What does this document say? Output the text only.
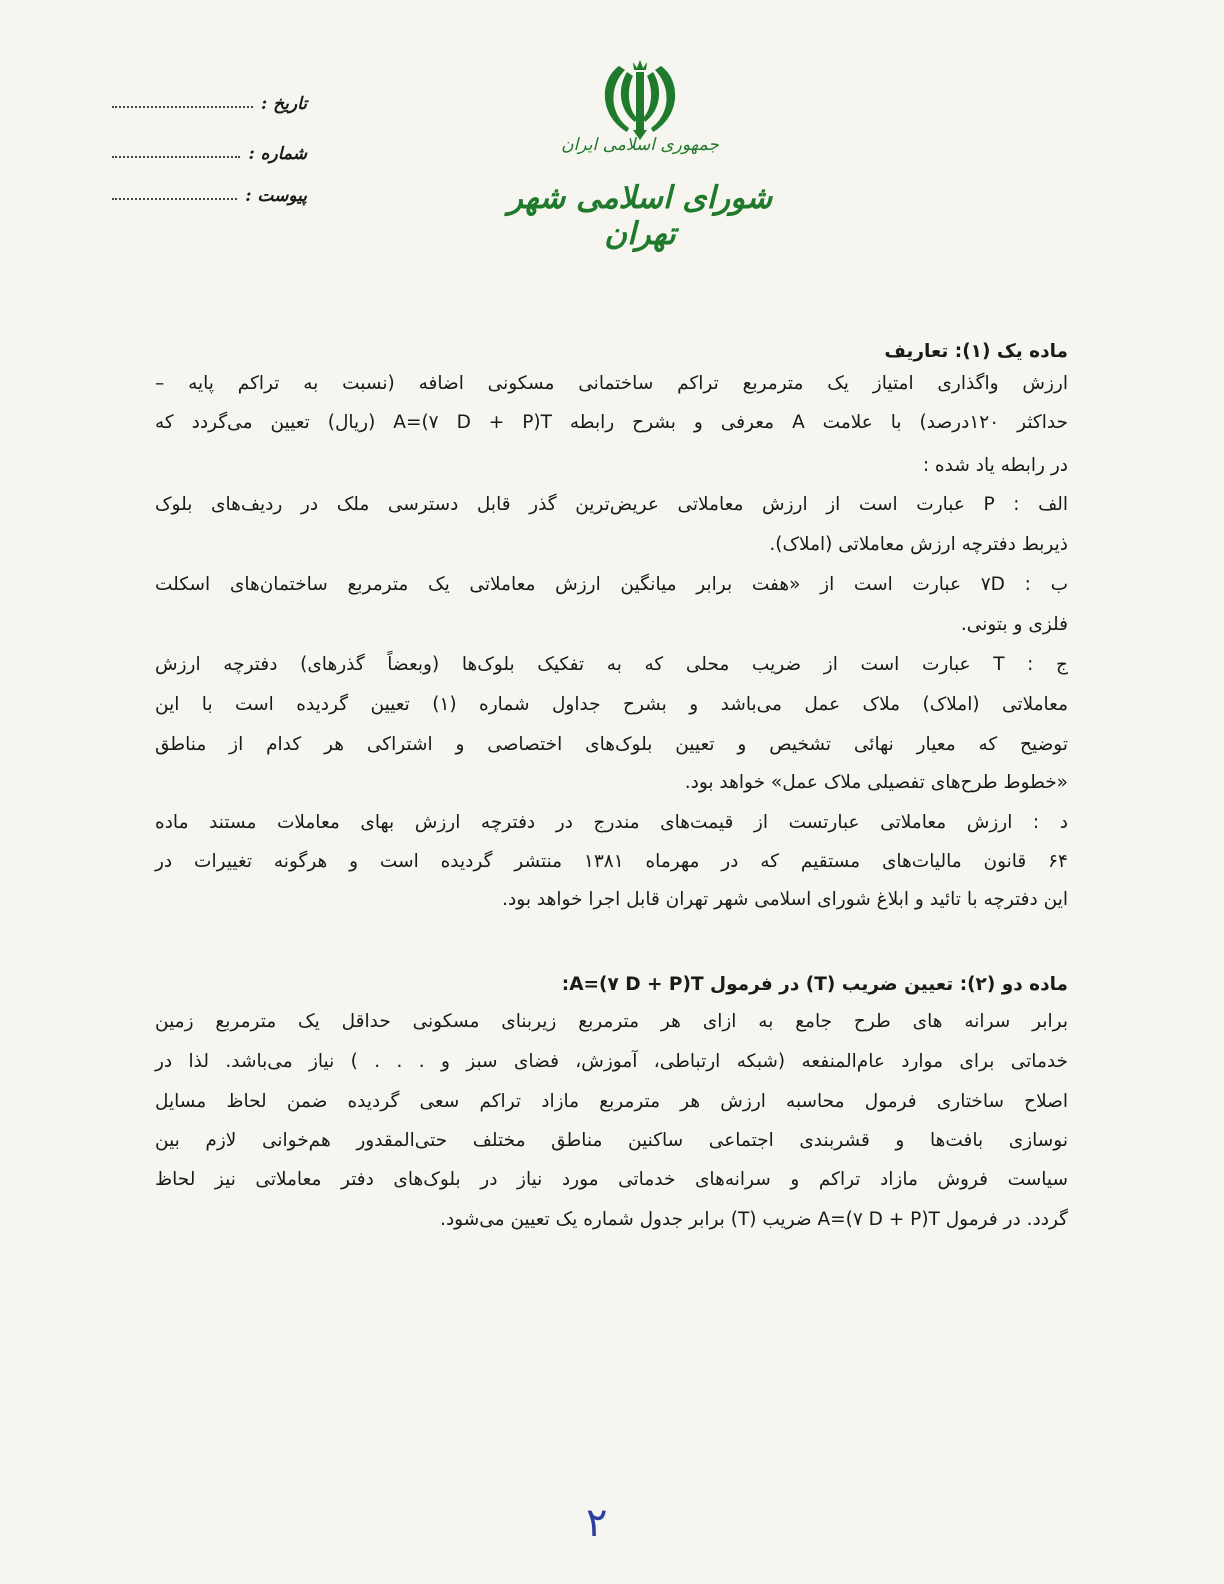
جمهوری اسلامی ایران
شورای اسلامی شهر تهران
تاریخ :
شماره :
پیوست :
ماده یک (۱): تعاریف
ارزش واگذاری امتیاز یک مترمربع تراکم ساختمانی مسکونی اضافه (نسبت به تراکم پایه –
حداکثر ۱۲۰درصد) با علامت A معرفی و بشرح رابطه A=(۷ D + P)T (ریال) تعیین می‌گردد که
در رابطه یاد شده :
الف : P عبارت است از ارزش معاملاتی عریض‌ترین گذر قابل دسترسی ملک در ردیف‌های بلوک
ذیربط دفترچه ارزش معاملاتی (املاک).
ب : ۷D عبارت است از «هفت برابر میانگین ارزش معاملاتی یک مترمربع ساختمان‌های اسکلت
فلزی و بتونی.
ج : T عبارت است از ضریب محلی که به تفکیک بلوک‌ها (وبعضاً گذرهای) دفترچه ارزش
معاملاتی (املاک) ملاک عمل می‌باشد و بشرح جداول شماره (۱) تعیین گردیده است با این
توضیح که معیار نهائی تشخیص و تعیین بلوک‌های اختصاصی و اشتراکی هر کدام از مناطق
«خطوط طرح‌های تفصیلی ملاک عمل» خواهد بود.
د : ارزش معاملاتی عبارتست از قیمت‌های مندرج در دفترچه ارزش بهای معاملات مستند ماده
۶۴ قانون مالیات‌های مستقیم که در مهرماه ۱۳۸۱ منتشر گردیده است و هرگونه تغییرات در
این دفترچه با تائید و ابلاغ شورای اسلامی شهر تهران قابل اجرا خواهد بود.
ماده دو (۲): تعیین ضریب (T) در فرمول A=(۷ D + P)T:
برابر سرانه های طرح جامع به ازای هر مترمربع زیربنای مسکونی حداقل یک مترمربع زمین
خدماتی برای موارد عام‌المنفعه (شبکه ارتباطی، آموزش، فضای سبز و . . . ) نیاز می‌باشد. لذا در
اصلاح ساختاری فرمول محاسبه ارزش هر مترمربع مازاد تراکم سعی گردیده ضمن لحاظ مسایل
نوسازی بافت‌ها و قشربندی اجتماعی ساکنین مناطق مختلف حتی‌المقدور هم‌خوانی لازم بین
سیاست فروش مازاد تراکم و سرانه‌های خدماتی مورد نیاز در بلوک‌های دفتر معاملاتی نیز لحاظ
گردد. در فرمول A=(۷ D + P)T ضریب (T) برابر جدول شماره یک تعیین می‌شود.
۲
